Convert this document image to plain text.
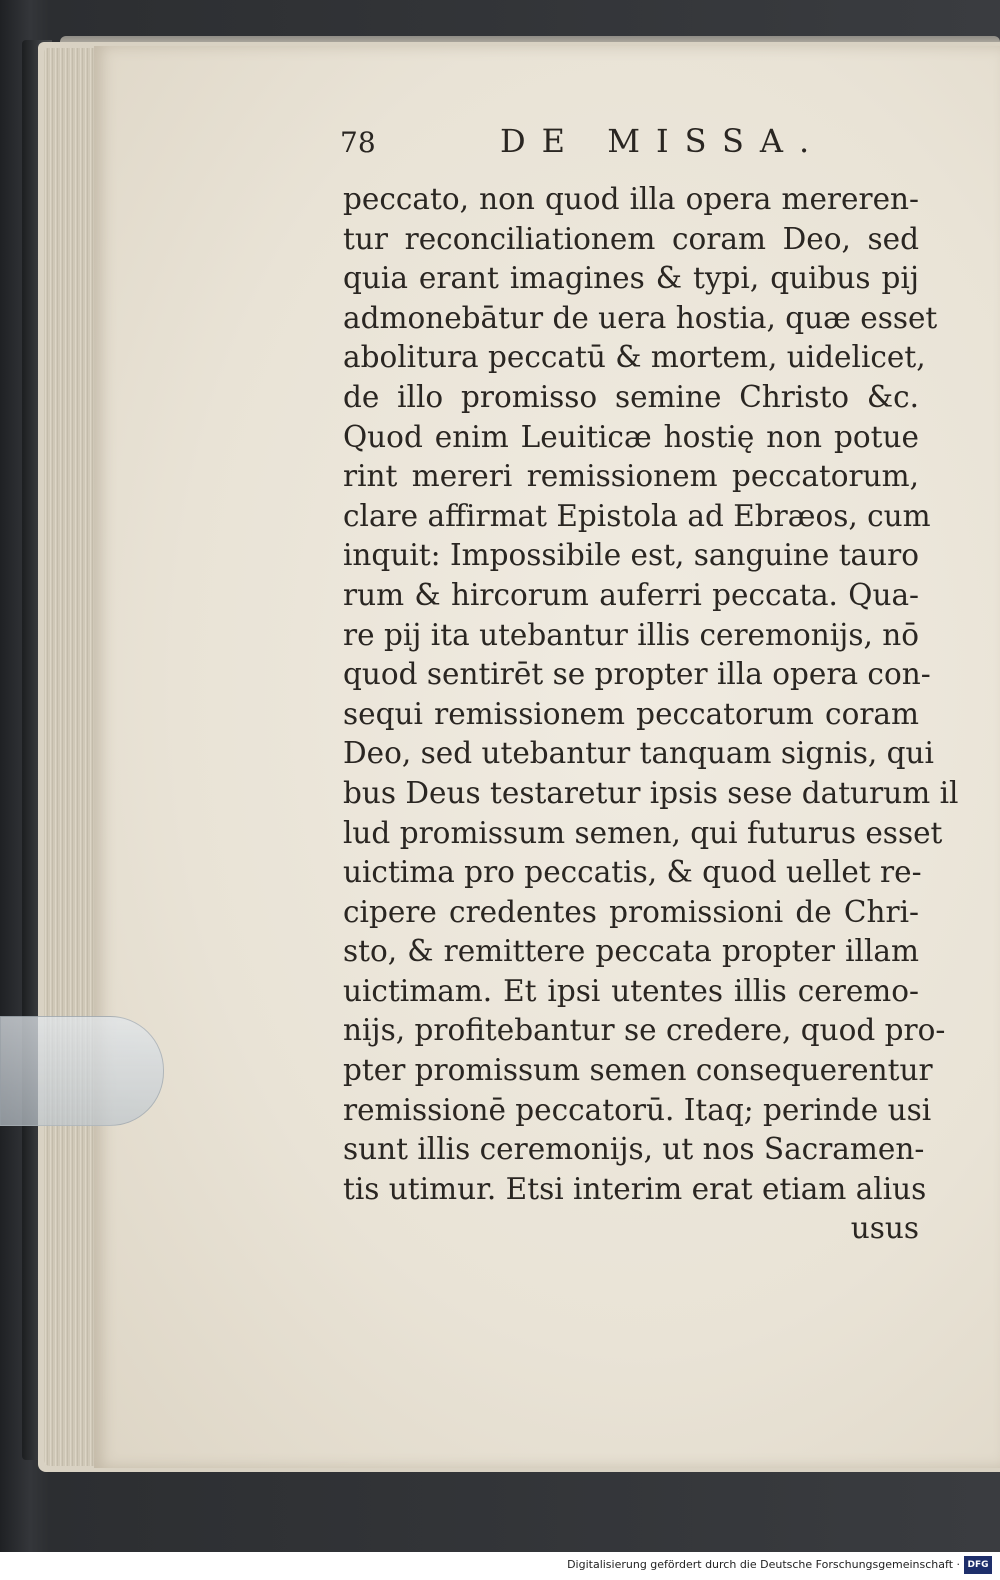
78	DE MISSA.
peccato, non quod illa opera mereren-
tur reconciliationem coram Deo, sed
quia erant imagines & typi, quibus pij
admonebātur de uera hostia, quæ esset
abolitura peccatū & mortem, uidelicet,
de illo promisso semine Christo &c.
Quod enim Leuiticæ hostię non potue
rint mereri remissionem peccatorum,
clare affirmat Epistola ad Ebræos, cum
inquit: Impossibile est, sanguine tauro
rum & hircorum auferri peccata. Qua-
re pij ita utebantur illis ceremonijs, nō
quod sentirēt se propter illa opera con-
sequi remissionem peccatorum coram
Deo, sed utebantur tanquam signis, qui
bus Deus testaretur ipsis sese daturum il
lud promissum semen, qui futurus esset
uictima pro peccatis, & quod uellet re-
cipere credentes promissioni de Chri-
sto, & remittere peccata propter illam
uictimam. Et ipsi utentes illis ceremo-
nijs, profitebantur se credere, quod pro-
pter promissum semen consequerentur
remissionē peccatorū. Itaq; perinde usi
sunt illis ceremonijs, ut nos Sacramen-
tis utimur. Etsi interim erat etiam alius
usus
Digitalisierung gefördert durch die Deutsche Forschungsgemeinschaft · DFG
